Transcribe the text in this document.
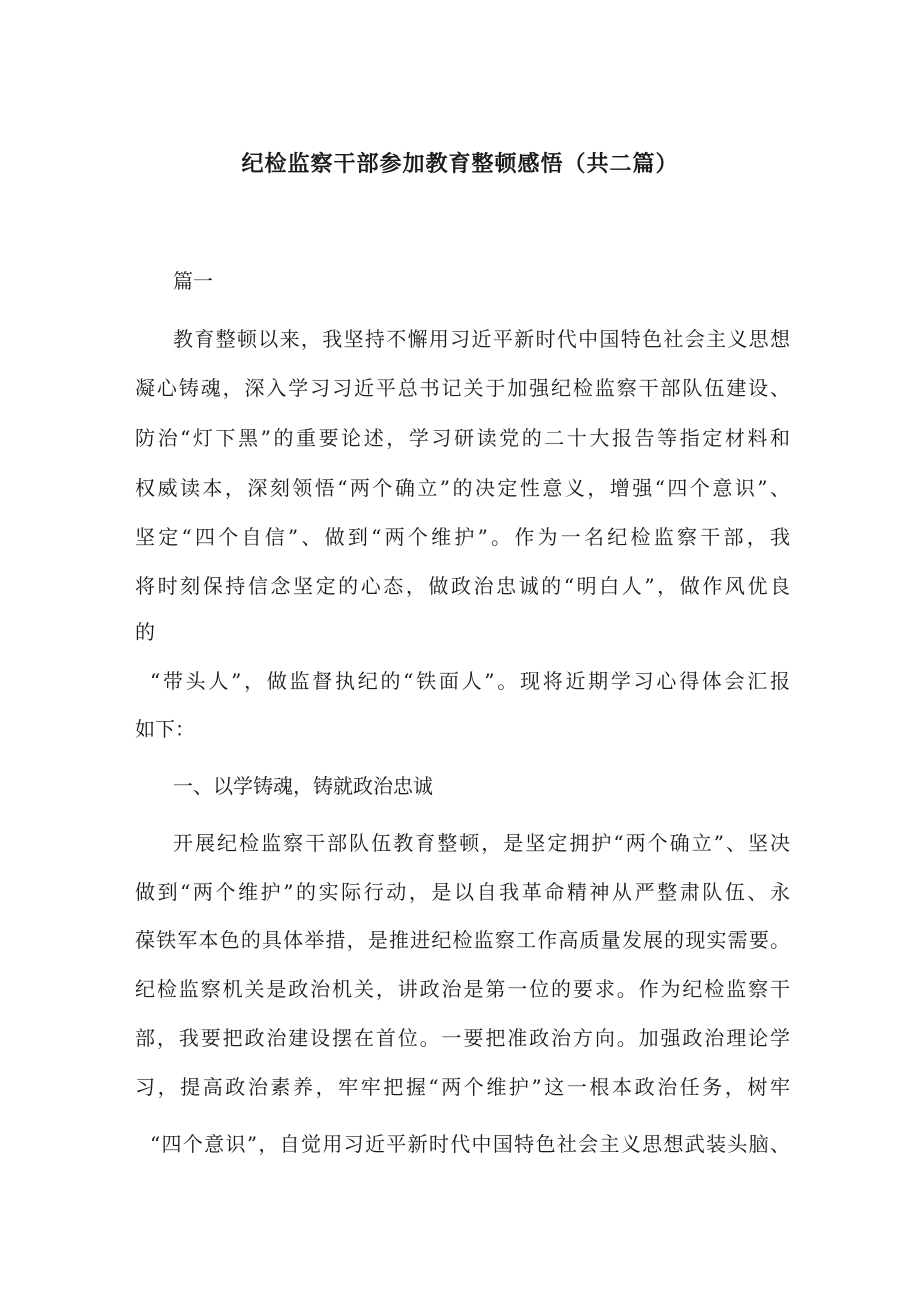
纪检监察干部参加教育整顿感悟（共二篇）
篇一
教育整顿以来，我坚持不懈用习近平新时代中国特色社会主义思想
凝心铸魂，深入学习习近平总书记关于加强纪检监察干部队伍建设、
防治“灯下黑”的重要论述，学习研读党的二十大报告等指定材料和
权威读本，深刻领悟“两个确立”的决定性意义，增强“四个意识”、
坚定“四个自信”、做到“两个维护”。作为一名纪检监察干部，我
将时刻保持信念坚定的心态，做政治忠诚的“明白人”，做作风优良
的
“带头人”，做监督执纪的“铁面人”。现将近期学习心得体会汇报
如下：
一、以学铸魂，铸就政治忠诚
开展纪检监察干部队伍教育整顿，是坚定拥护“两个确立”、坚决
做到“两个维护”的实际行动，是以自我革命精神从严整肃队伍、永
葆铁军本色的具体举措，是推进纪检监察工作高质量发展的现实需要。
纪检监察机关是政治机关，讲政治是第一位的要求。作为纪检监察干
部，我要把政治建设摆在首位。一要把准政治方向。加强政治理论学
习，提高政治素养，牢牢把握“两个维护”这一根本政治任务，树牢
“四个意识”，自觉用习近平新时代中国特色社会主义思想武装头脑、
